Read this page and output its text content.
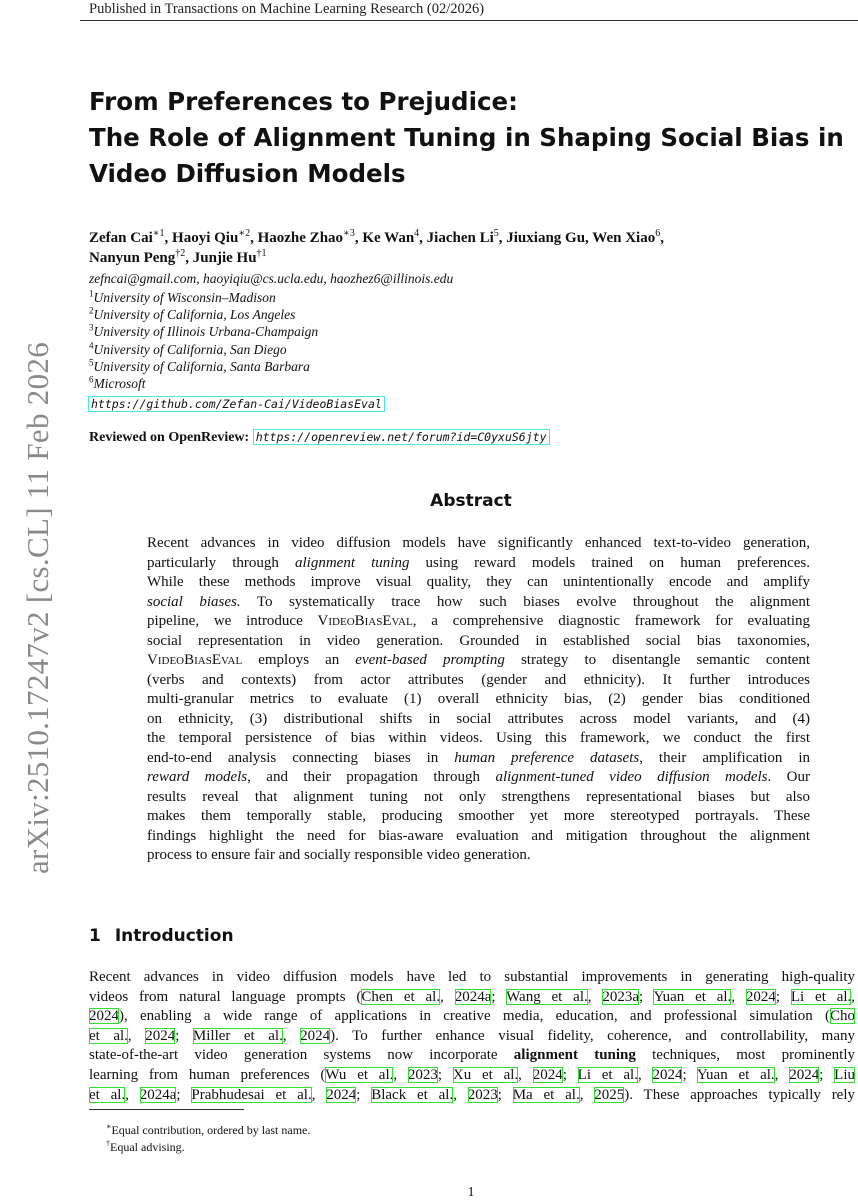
Published in Transactions on Machine Learning Research (02/2026)
arXiv:2510.17247v2 [cs.CL] 11 Feb 2026
From Preferences to Prejudice:
The Role of Alignment Tuning in Shaping Social Bias in
Video Diffusion Models
Zefan Cai$^{∗1}$, Haoyi Qiu$^{∗2}$, Haozhe Zhao$^{∗3}$, Ke Wan$^4$, Jiachen Li$^5$, Jiuxiang Gu, Wen Xiao$^6$,
Nanyun Peng$^{\dagger 2}$, Junjie Hu$^{\dagger 1}$
zefncai@gmail.com, haoyiqiu@cs.ucla.edu, haozhez6@illinois.edu
$^1$University of Wisconsin–Madison
$^2$University of California, Los Angeles
$^3$University of Illinois Urbana-Champaign
$^4$University of California, San Diego
$^5$University of California, Santa Barbara
$^6$Microsoft
https://github.com/Zefan-Cai/VideoBiasEval
Reviewed on OpenReview: https://openreview.net/forum?id=C0yxuS6jty
Abstract
Recent advances in video diffusion models have significantly enhanced text-to-video generation,
particularly through alignment tuning using reward models trained on human preferences.
While these methods improve visual quality, they can unintentionally encode and amplify
social biases. To systematically trace how such biases evolve throughout the alignment
pipeline, we introduce VideoBiasEval, a comprehensive diagnostic framework for evaluating
social representation in video generation. Grounded in established social bias taxonomies,
VideoBiasEval employs an event-based prompting strategy to disentangle semantic content
(verbs and contexts) from actor attributes (gender and ethnicity). It further introduces
multi-granular metrics to evaluate (1) overall ethnicity bias, (2) gender bias conditioned
on ethnicity, (3) distributional shifts in social attributes across model variants, and (4)
the temporal persistence of bias within videos. Using this framework, we conduct the first
end-to-end analysis connecting biases in human preference datasets, their amplification in
reward models, and their propagation through alignment-tuned video diffusion models. Our
results reveal that alignment tuning not only strengthens representational biases but also
makes them temporally stable, producing smoother yet more stereotyped portrayals. These
findings highlight the need for bias-aware evaluation and mitigation throughout the alignment
process to ensure fair and socially responsible video generation.
1 Introduction
Recent advances in video diffusion models have led to substantial improvements in generating high-quality
videos from natural language prompts (Chen et al., 2024a; Wang et al., 2023a; Yuan et al., 2024; Li et al.,
2024), enabling a wide range of applications in creative media, education, and professional simulation (Cho
et al., 2024; Miller et al., 2024). To further enhance visual fidelity, coherence, and controllability, many
state-of-the-art video generation systems now incorporate alignment tuning techniques, most prominently
learning from human preferences (Wu et al., 2023; Xu et al., 2024; Li et al., 2024; Yuan et al., 2024; Liu
et al., 2024a; Prabhudesai et al., 2024; Black et al., 2023; Ma et al., 2025). These approaches typically rely
∗Equal contribution, ordered by last name.
†Equal advising.
1
